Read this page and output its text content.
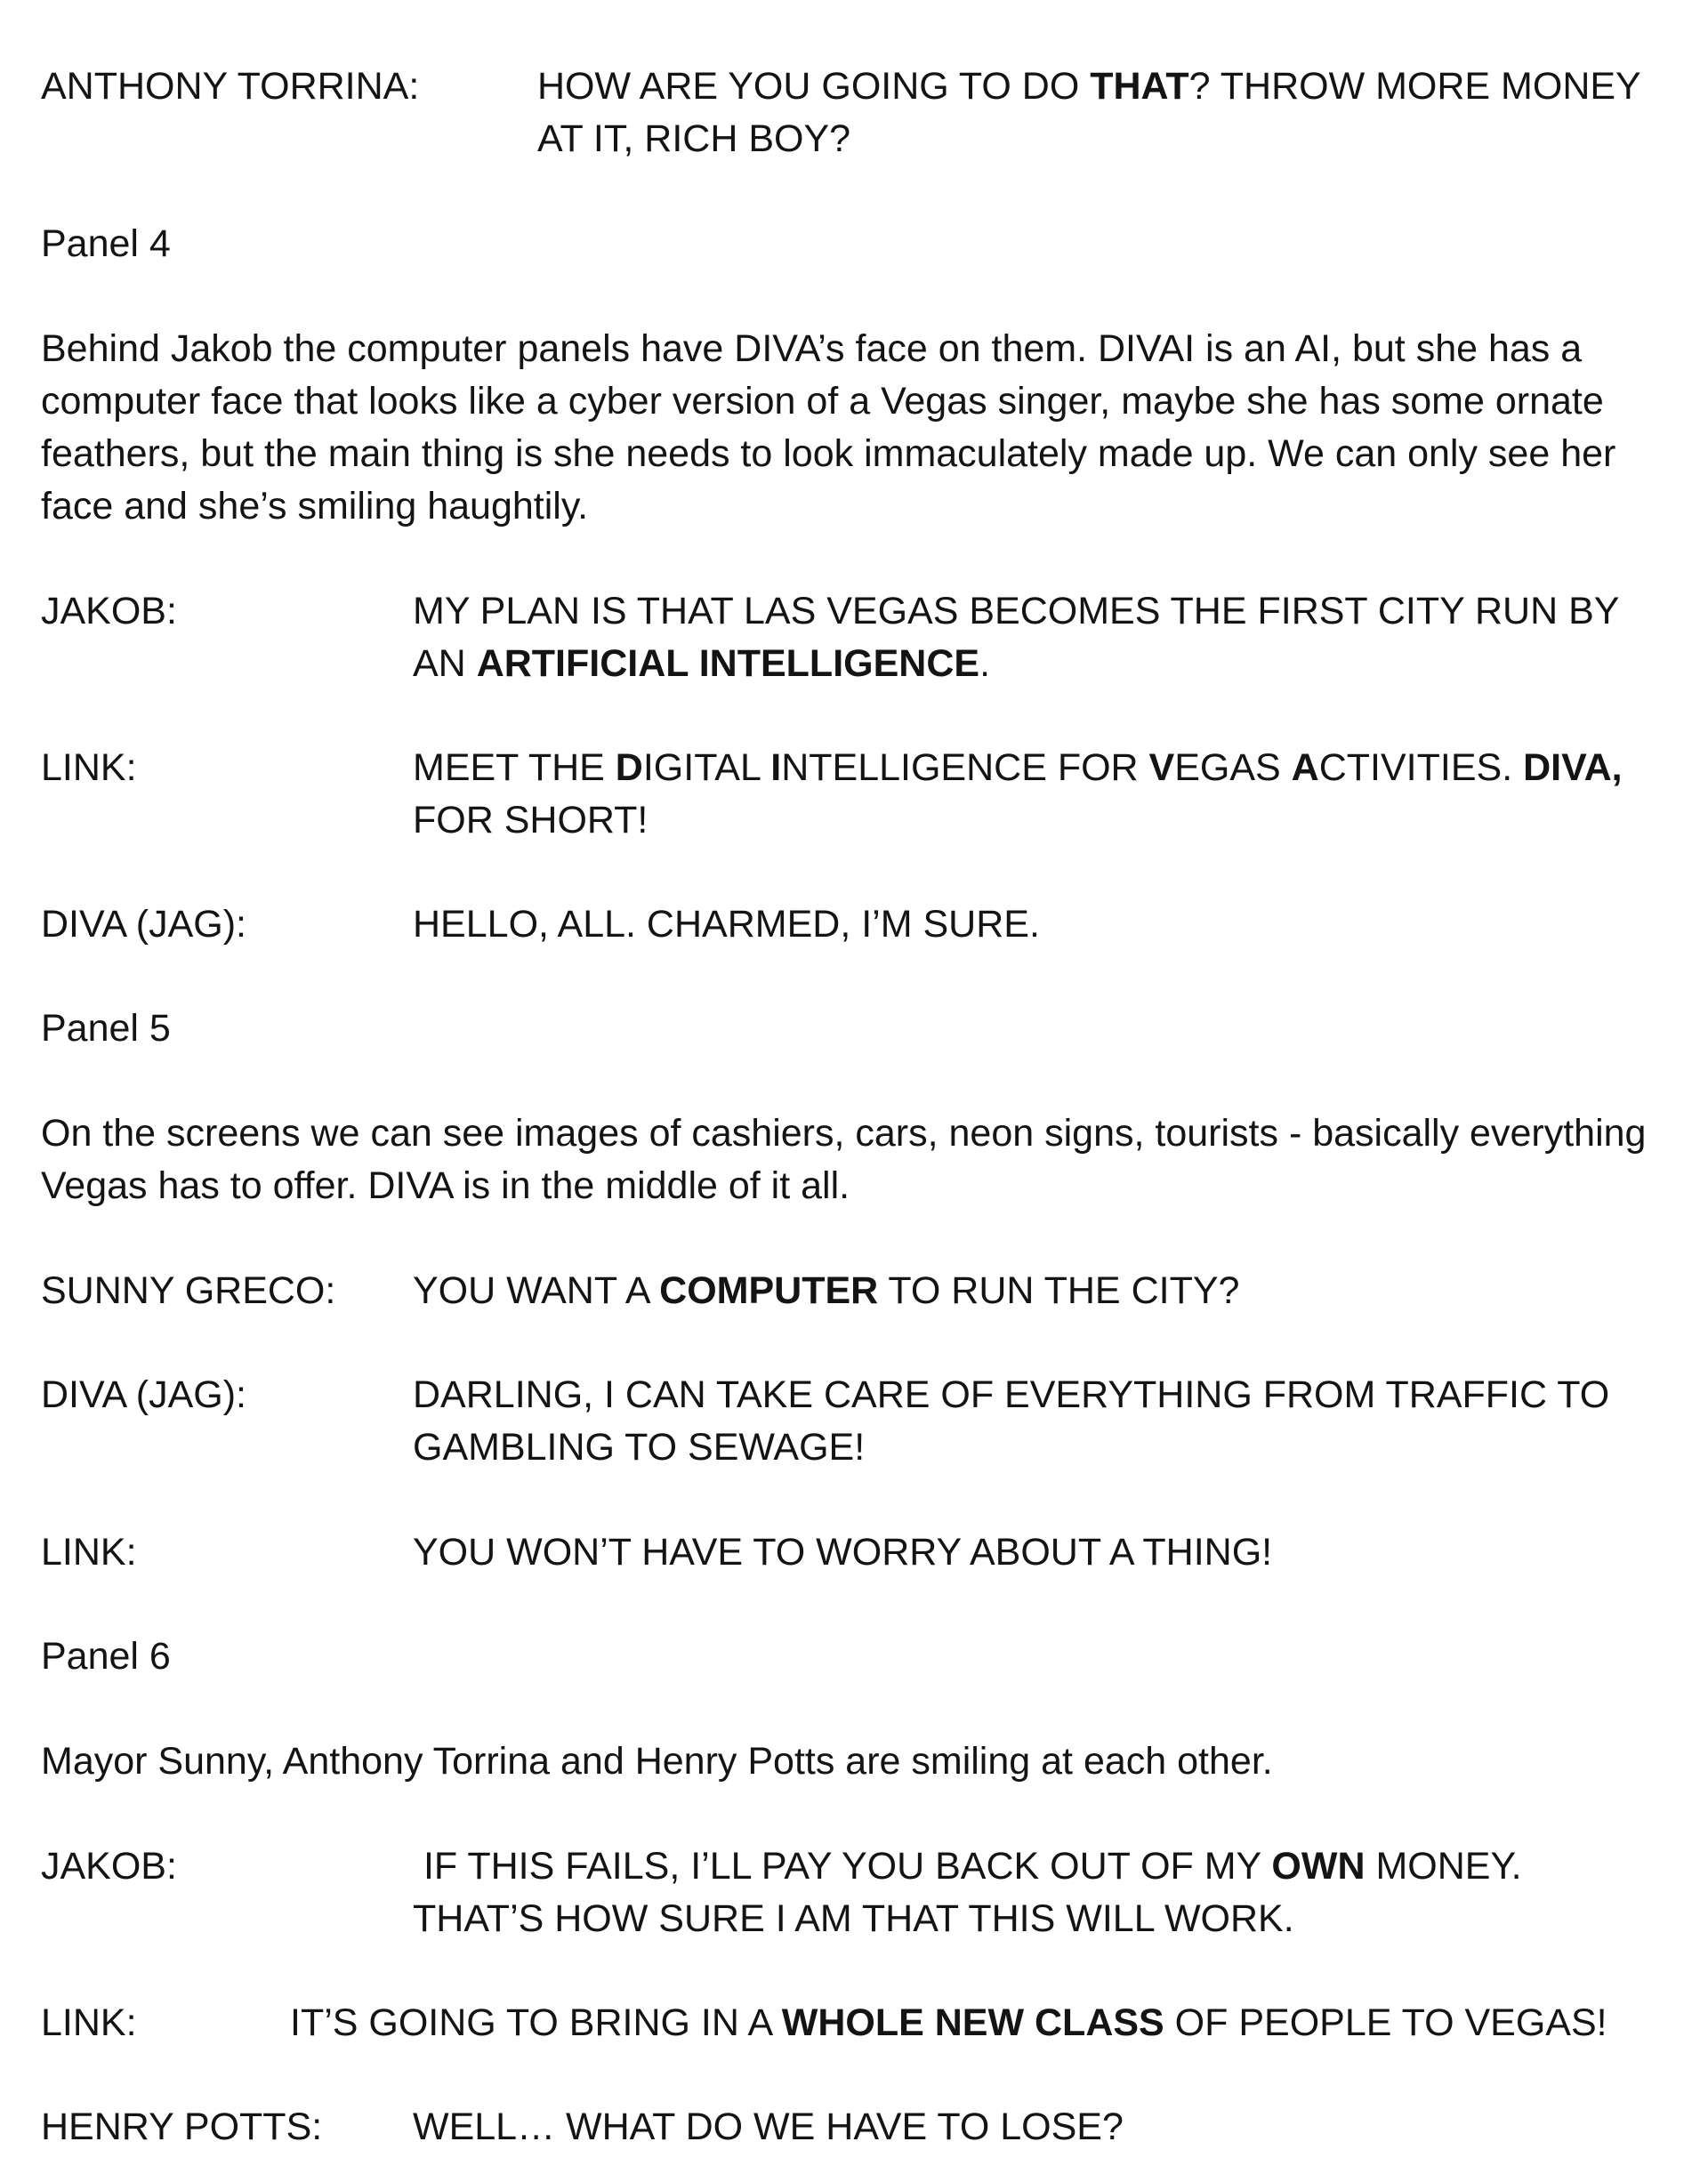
ANTHONY TORRINA:	HOW ARE YOU GOING TO DO THAT? THROW MORE MONEY
AT IT, RICH BOY?
Panel 4
Behind Jakob the computer panels have DIVA’s face on them. DIVAI is an AI, but she has a
computer face that looks like a cyber version of a Vegas singer, maybe she has some ornate
feathers, but the main thing is she needs to look immaculately made up. We can only see her
face and she’s smiling haughtily.
JAKOB:	MY PLAN IS THAT LAS VEGAS BECOMES THE FIRST CITY RUN BY
AN ARTIFICIAL INTELLIGENCE.
LINK:	MEET THE DIGITAL INTELLIGENCE FOR VEGAS ACTIVITIES. DIVA,
FOR SHORT!
DIVA (JAG):	HELLO, ALL. CHARMED, I’M SURE.
Panel 5
On the screens we can see images of cashiers, cars, neon signs, tourists - basically everything
Vegas has to offer. DIVA is in the middle of it all.
SUNNY GRECO: YOU WANT A COMPUTER TO RUN THE CITY?
DIVA (JAG):	DARLING, I CAN TAKE CARE OF EVERYTHING FROM TRAFFIC TO
GAMBLING TO SEWAGE!
LINK:	YOU WON’T HAVE TO WORRY ABOUT A THING!
Panel 6
Mayor Sunny, Anthony Torrina and Henry Potts are smiling at each other.
JAKOB:	IF THIS FAILS, I’LL PAY YOU BACK OUT OF MY OWN MONEY.
THAT’S HOW SURE I AM THAT THIS WILL WORK.
LINK:	IT’S GOING TO BRING IN A WHOLE NEW CLASS OF PEOPLE TO VEGAS!
HENRY POTTS: WELL… WHAT DO WE HAVE TO LOSE?
